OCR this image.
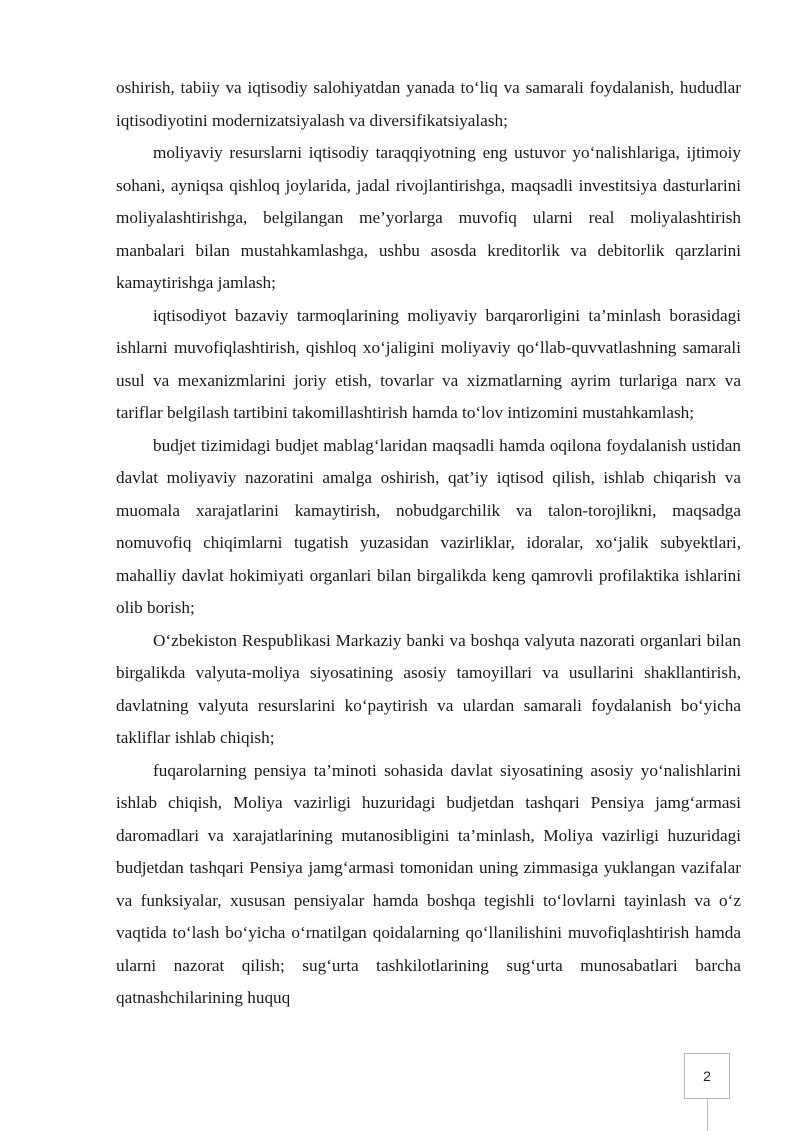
oshirish, tabiiy va iqtisodiy salohiyatdan yanada to‘liq va samarali foydalanish, hududlar iqtisodiyotini modernizatsiyalash va diversifikatsiyalash;

moliyaviy resurslarni iqtisodiy taraqqiyotning eng ustuvor yo‘nalishlariga, ijtimoiy sohani, ayniqsa qishloq joylarida, jadal rivojlantirishga, maqsadli investitsiya dasturlarini moliyalashtirishga, belgilangan me’yorlarga muvofiq ularni real moliyalashtirish manbalari bilan mustahkamlashga, ushbu asosda kreditorlik va debitorlik qarzlarini kamaytirishga jamlash;

iqtisodiyot bazaviy tarmoqlarining moliyaviy barqarorligini ta’minlash borasidagi ishlarni muvofiqlashtirish, qishloq xo‘jaligini moliyaviy qo‘llab-quvvatlashning samarali usul va mexanizmlarini joriy etish, tovarlar va xizmatlarning ayrim turlariga narx va tariflar belgilash tartibini takomillashtirish hamda to‘lov intizomini mustahkamlash;

budjet tizimidagi budjet mablag‘laridan maqsadli hamda oqilona foydalanish ustidan davlat moliyaviy nazoratini amalga oshirish, qat’iy iqtisod qilish, ishlab chiqarish va muomala xarajatlarini kamaytirish, nobudgarchilik va talon-torojlikni, maqsadga nomuvofiq chiqimlarni tugatish yuzasidan vazirliklar, idoralar, xo‘jalik subyektlari, mahalliy davlat hokimiyati organlari bilan birgalikda keng qamrovli profilaktika ishlarini olib borish;

O‘zbekiston Respublikasi Markaziy banki va boshqa valyuta nazorati organlari bilan birgalikda valyuta-moliya siyosatining asosiy tamoyillari va usullarini shakllantirish, davlatning valyuta resurslarini ko‘paytirish va ulardan samarali foydalanish bo‘yicha takliflar ishlab chiqish;

fuqarolarning pensiya ta’minoti sohasida davlat siyosatining asosiy yo‘nalishlarini ishlab chiqish, Moliya vazirligi huzuridagi budjetdan tashqari Pensiya jamg‘armasi daromadlari va xarajatlarining mutanosibligini ta’minlash, Moliya vazirligi huzuridagi budjetdan tashqari Pensiya jamg‘armasi tomonidan uning zimmasiga yuklangan vazifalar va funksiyalar, xususan pensiyalar hamda boshqa tegishli to‘lovlarni tayinlash va o‘z vaqtida to‘lash bo‘yicha o‘rnatilgan qoidalarning qo‘llanilishini muvofiqlashtirish hamda ularni nazorat qilish; sug‘urta tashkilotlarining sug‘urta munosabatlari barcha qatnashchilarining huquq

2
